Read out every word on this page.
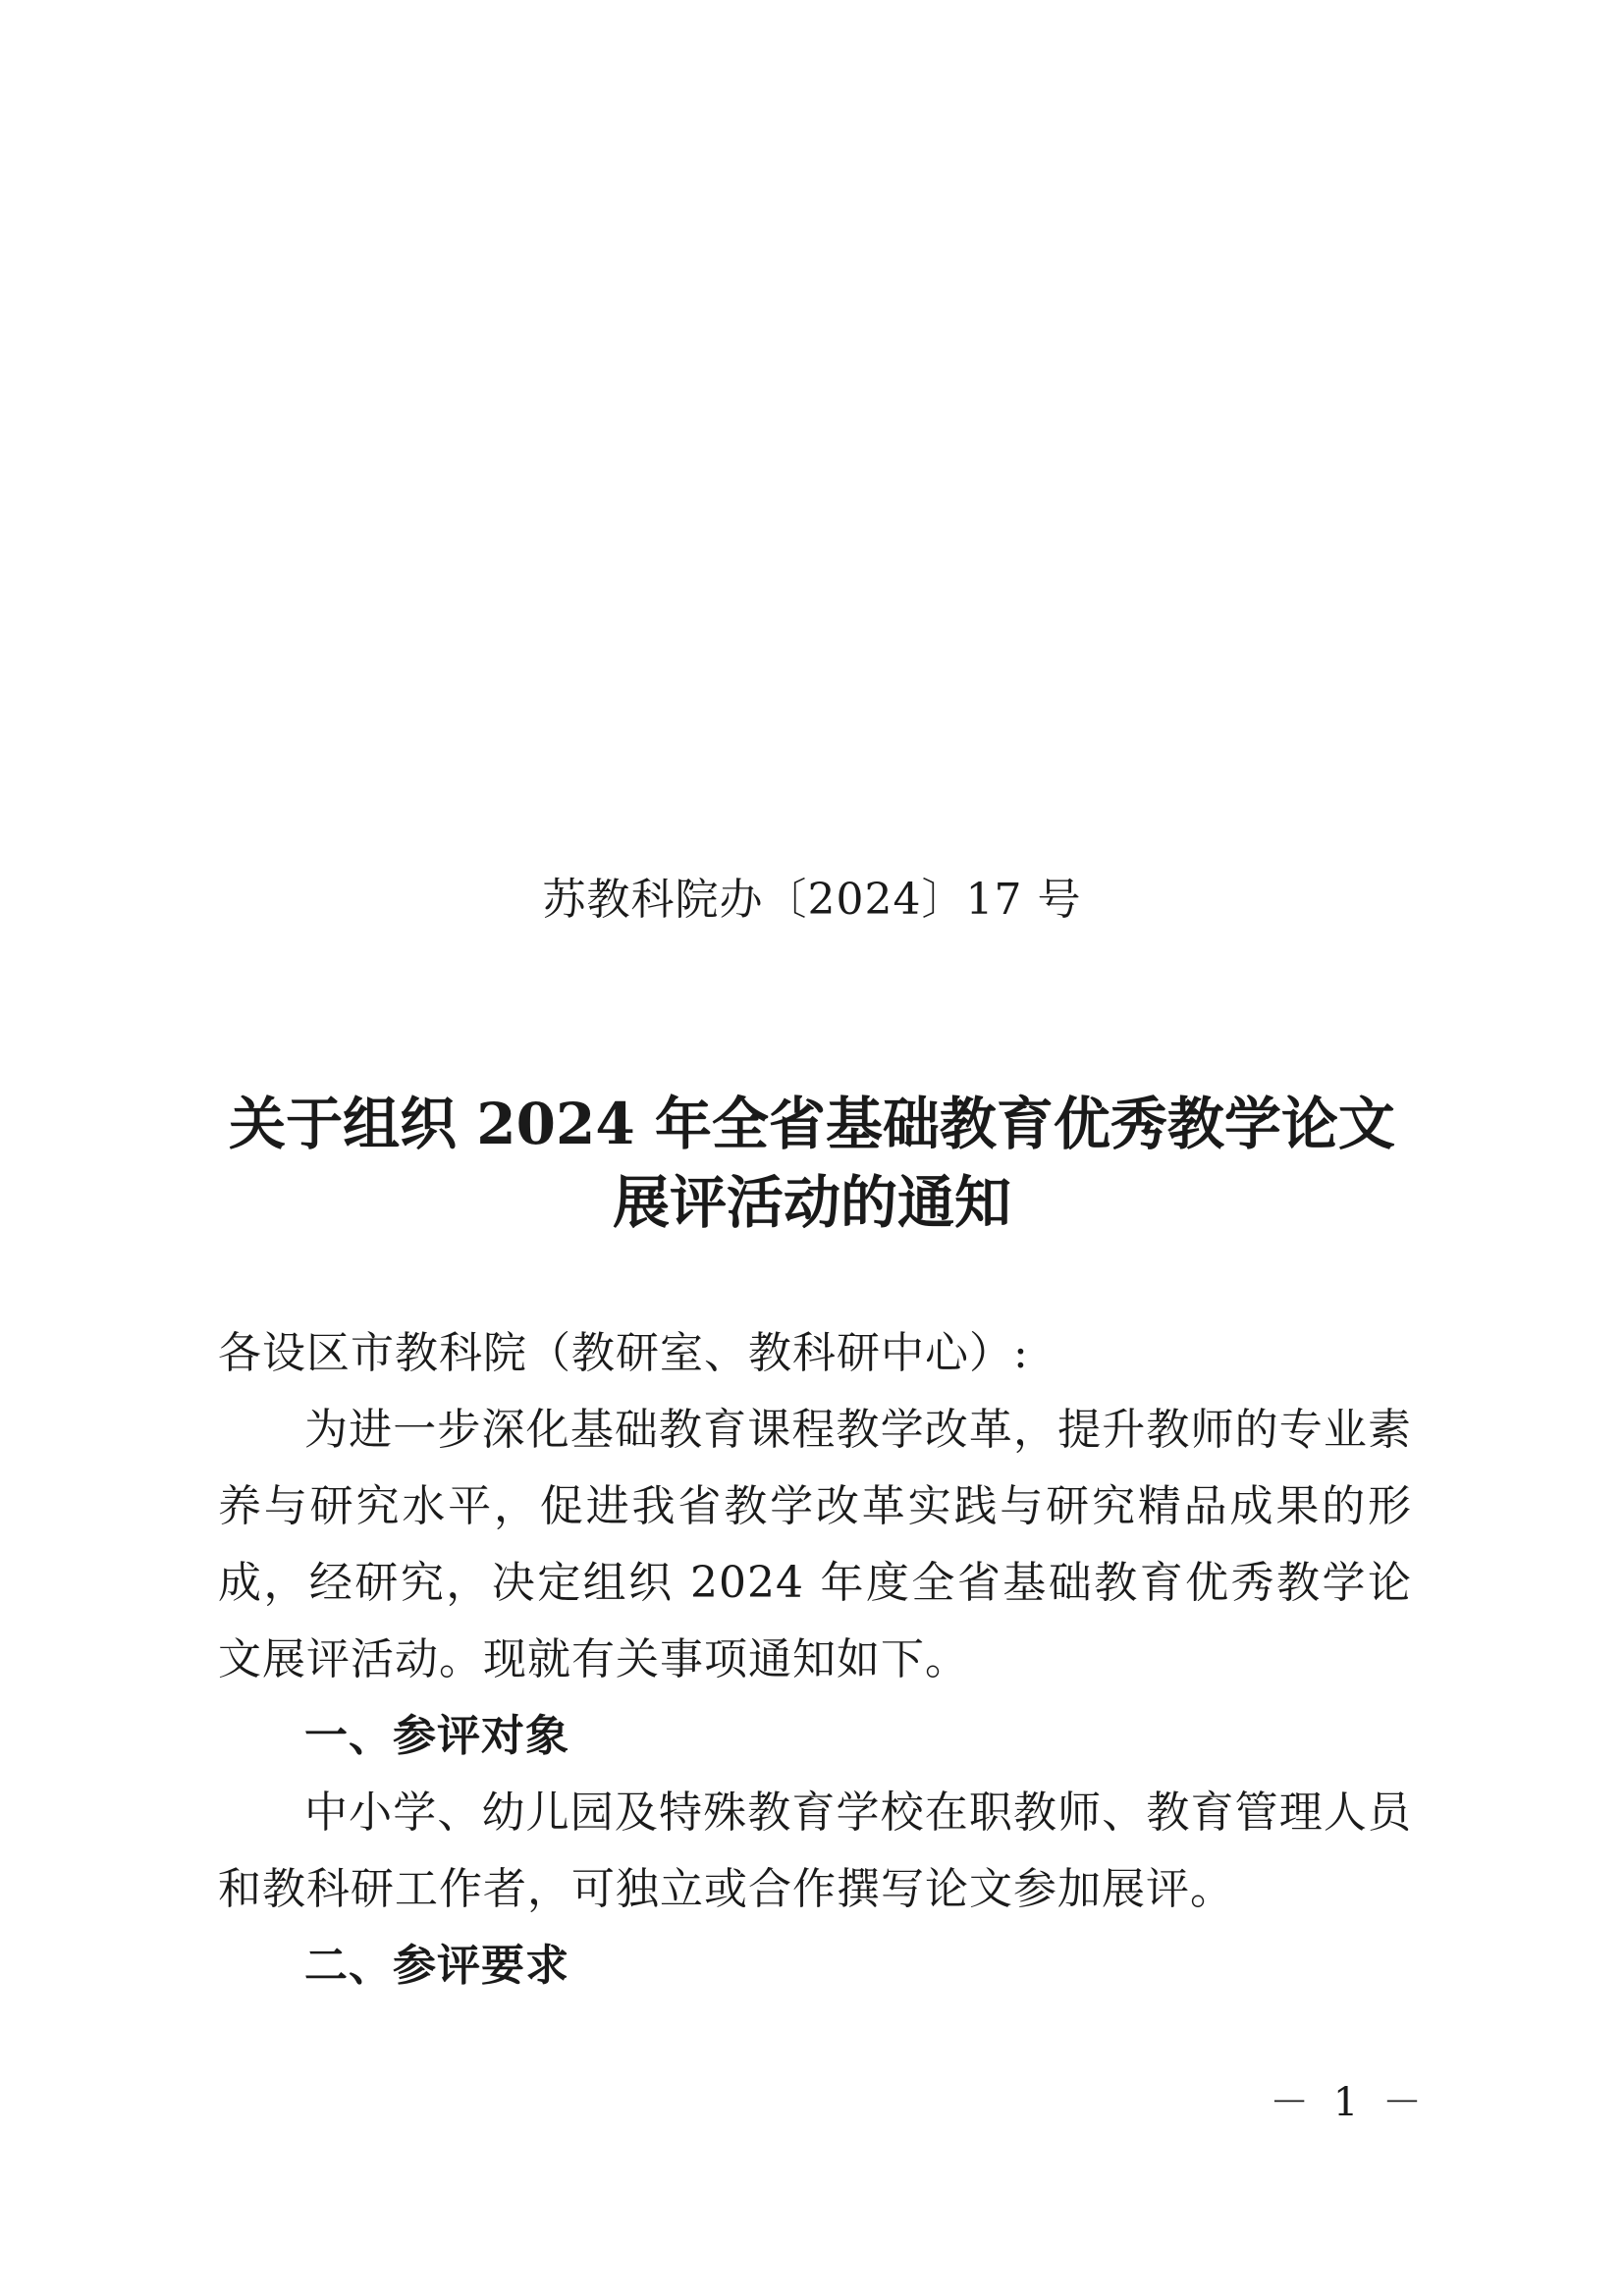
苏教科院办〔2024〕17 号
关于组织 2024 年全省基础教育优秀教学论文
展评活动的通知
各设区市教科院（教研室、教科研中心）:

为进一步深化基础教育课程教学改革，提升教师的专业素养与研究水平，促进我省教学改革实践与研究精品成果的形成，经研究，决定组织 2024 年度全省基础教育优秀教学论文展评活动。现就有关事项通知如下。

一、参评对象

中小学、幼儿园及特殊教育学校在职教师、教育管理人员和教科研工作者，可独立或合作撰写论文参加展评。

二、参评要求

－ 1 －
